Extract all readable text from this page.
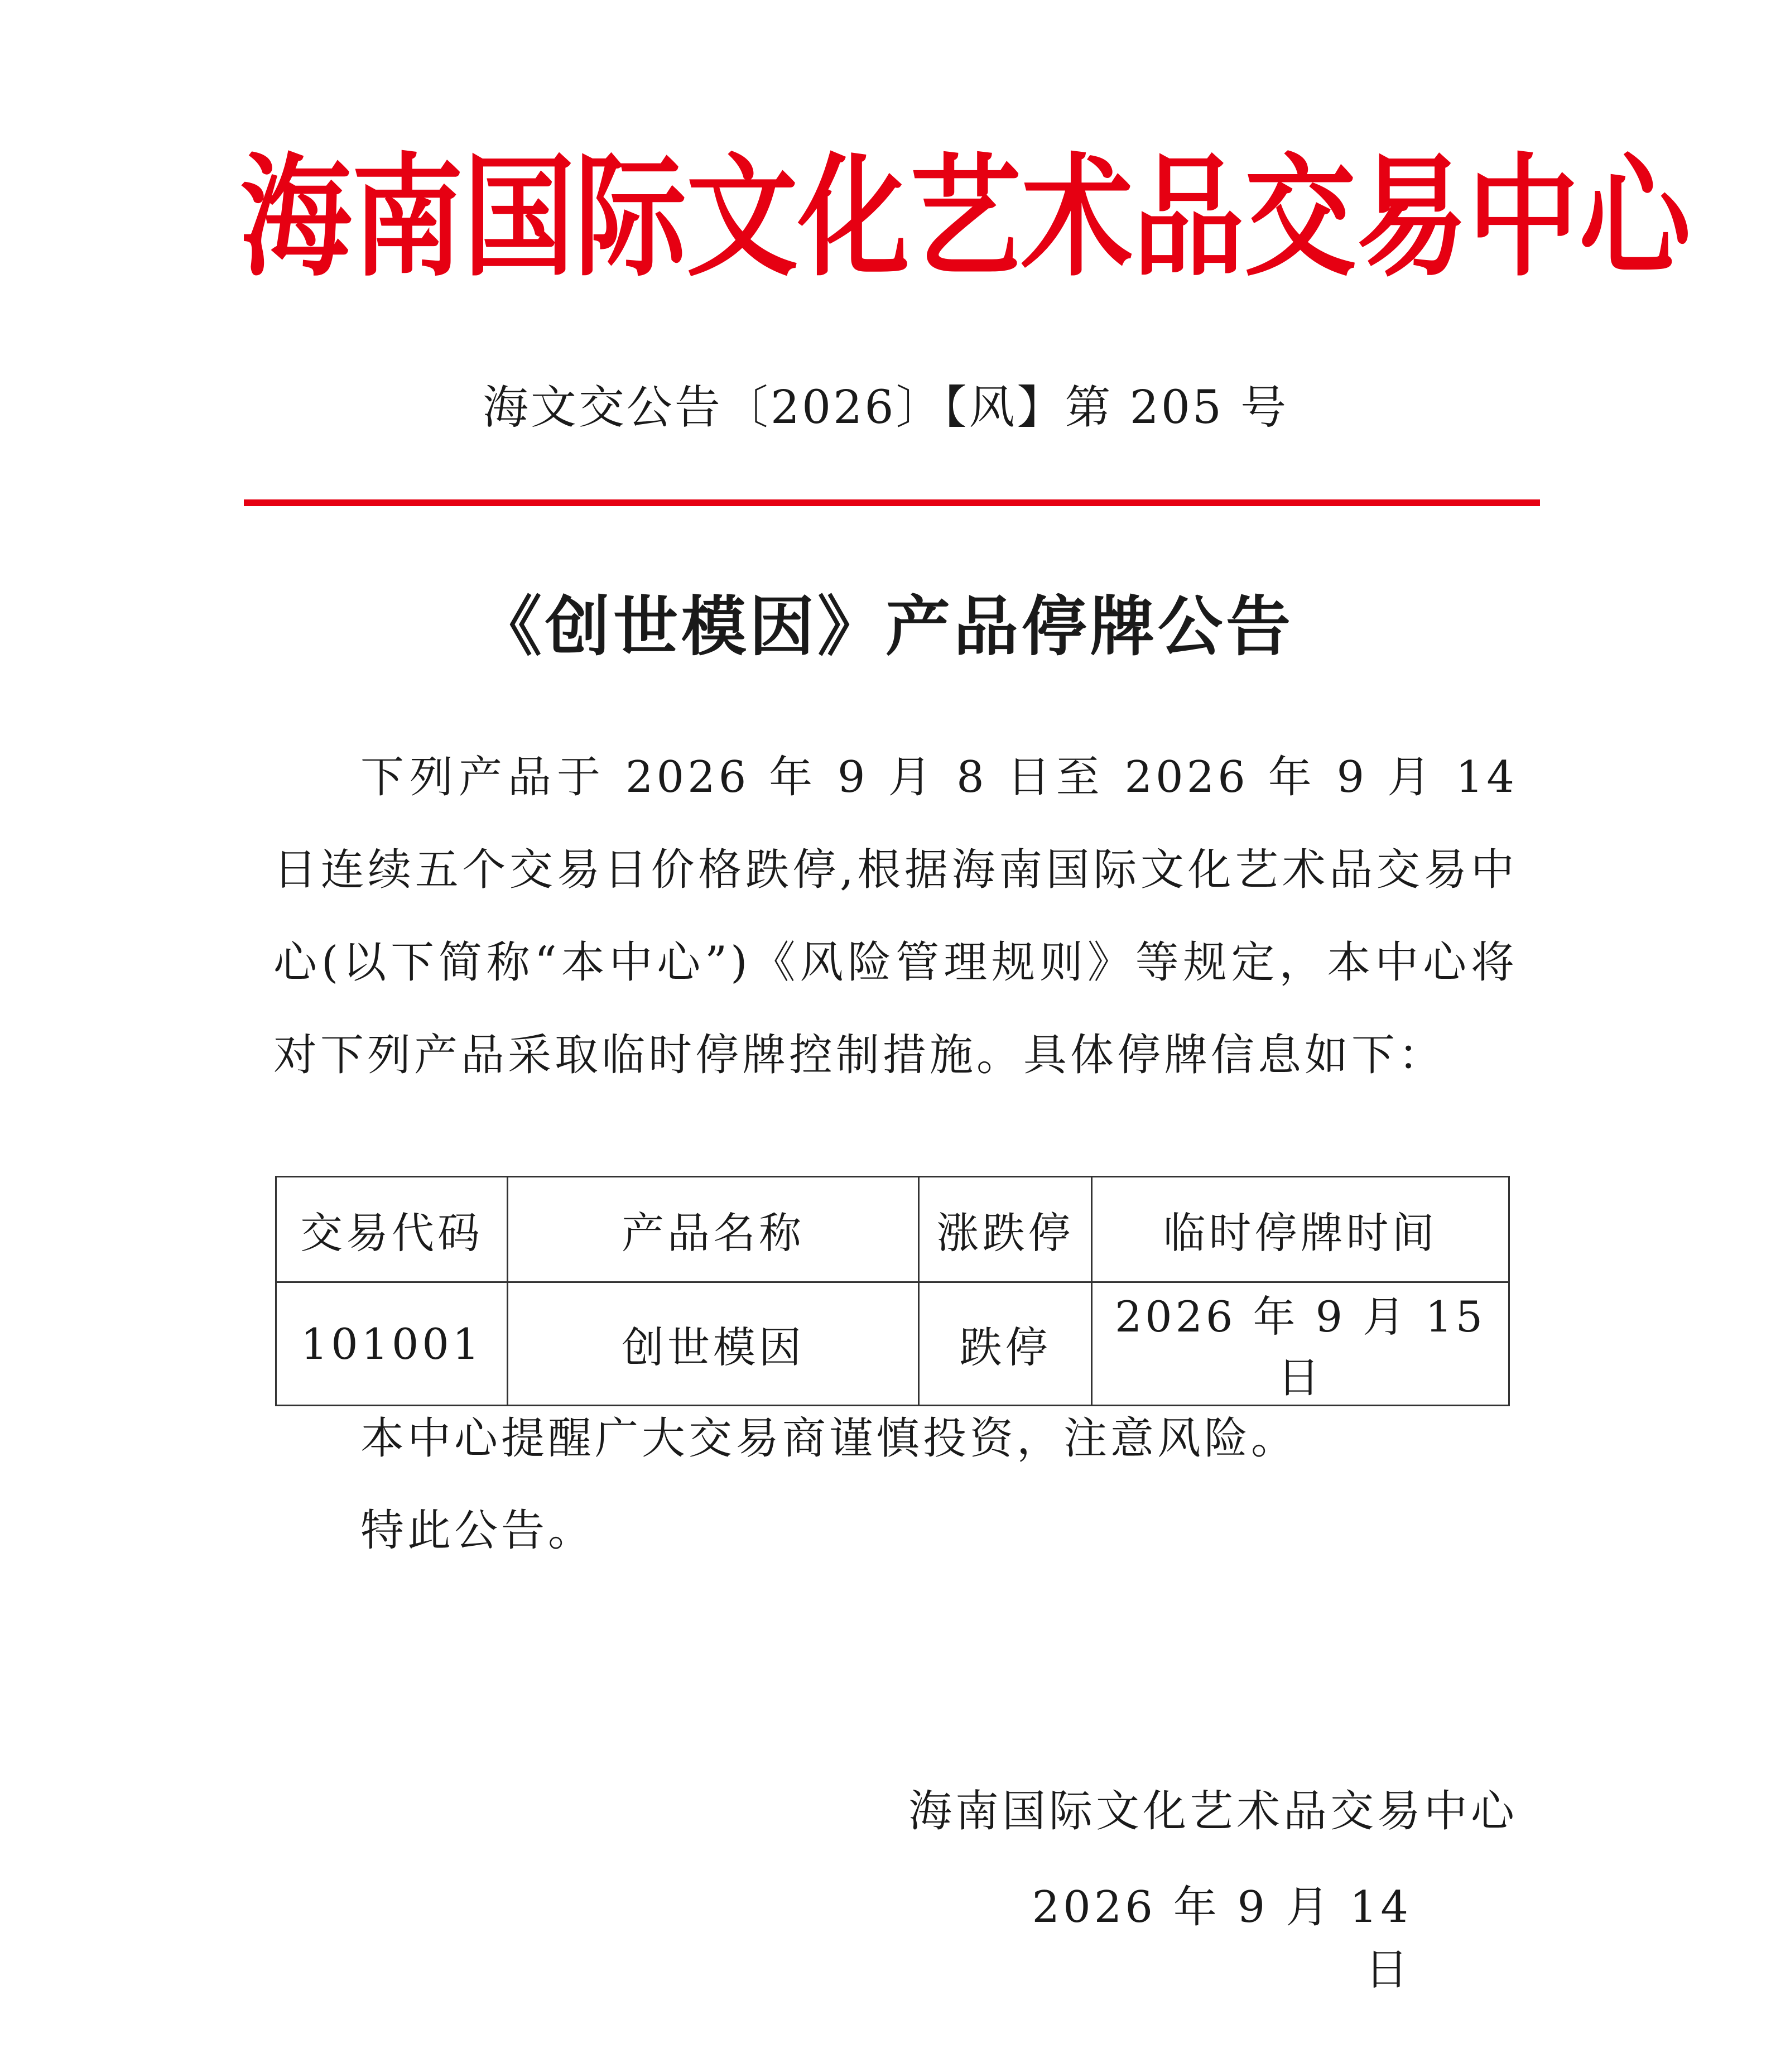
海 南 国 际 文 化 艺 术 品 交 易 中 心
海文交公告〔2026〕【风】第 205 号
《创世模因》产品停牌公告
下列产品于 2026 年 9 月 8 日至 2026 年 9 月 14 日连续五个交易日价格跌停,根据海南国际文化艺术品交易中心(以下简称“本中心”)《风险管理规则》等规定，本中心将对下列产品采取临时停牌控制措施。具体停牌信息如下：
交易代码	产品名称	涨跌停	临时停牌时间
101001	创世模因	跌停	2026 年 9 月 15 日
本中心提醒广大交易商谨慎投资，注意风险。
特此公告。
海南国际文化艺术品交易中心
2026 年 9 月 14 日
